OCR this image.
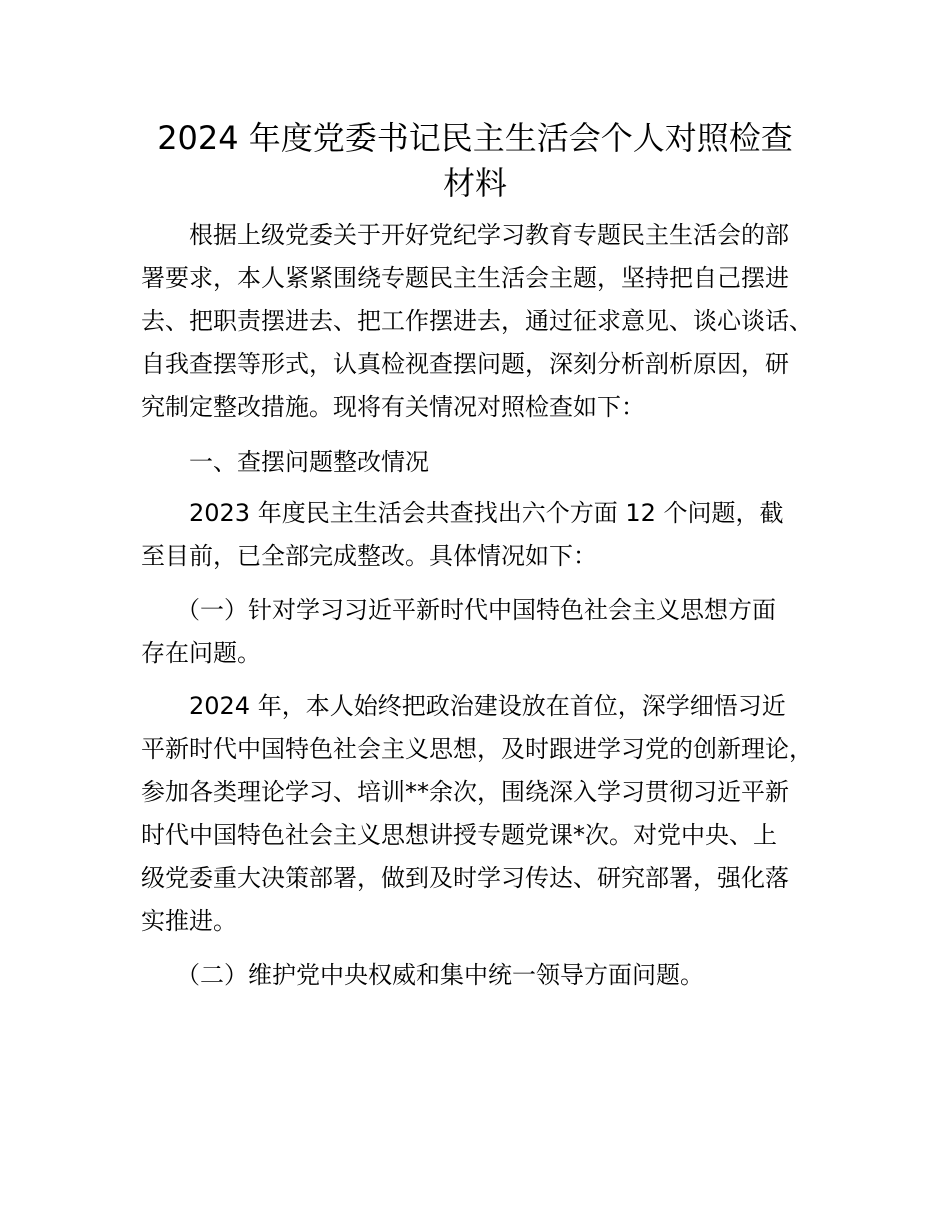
2024 年度党委书记民主生活会个人对照检查
材料
根据上级党委关于开好党纪学习教育专题民主生活会的部
署要求，本人紧紧围绕专题民主生活会主题，坚持把自己摆进
去、把职责摆进去、把工作摆进去，通过征求意见、谈心谈话、
自我查摆等形式，认真检视查摆问题，深刻分析剖析原因，研
究制定整改措施。现将有关情况对照检查如下：
一、查摆问题整改情况
2023 年度民主生活会共查找出六个方面 12 个问题，截
至目前，已全部完成整改。具体情况如下：
（一）针对学习习近平新时代中国特色社会主义思想方面
存在问题。
2024 年，本人始终把政治建设放在首位，深学细悟习近
平新时代中国特色社会主义思想，及时跟进学习党的创新理论，
参加各类理论学习、培训**余次，围绕深入学习贯彻习近平新
时代中国特色社会主义思想讲授专题党课*次。对党中央、上
级党委重大决策部署，做到及时学习传达、研究部署，强化落
实推进。
（二）维护党中央权威和集中统一领导方面问题。
